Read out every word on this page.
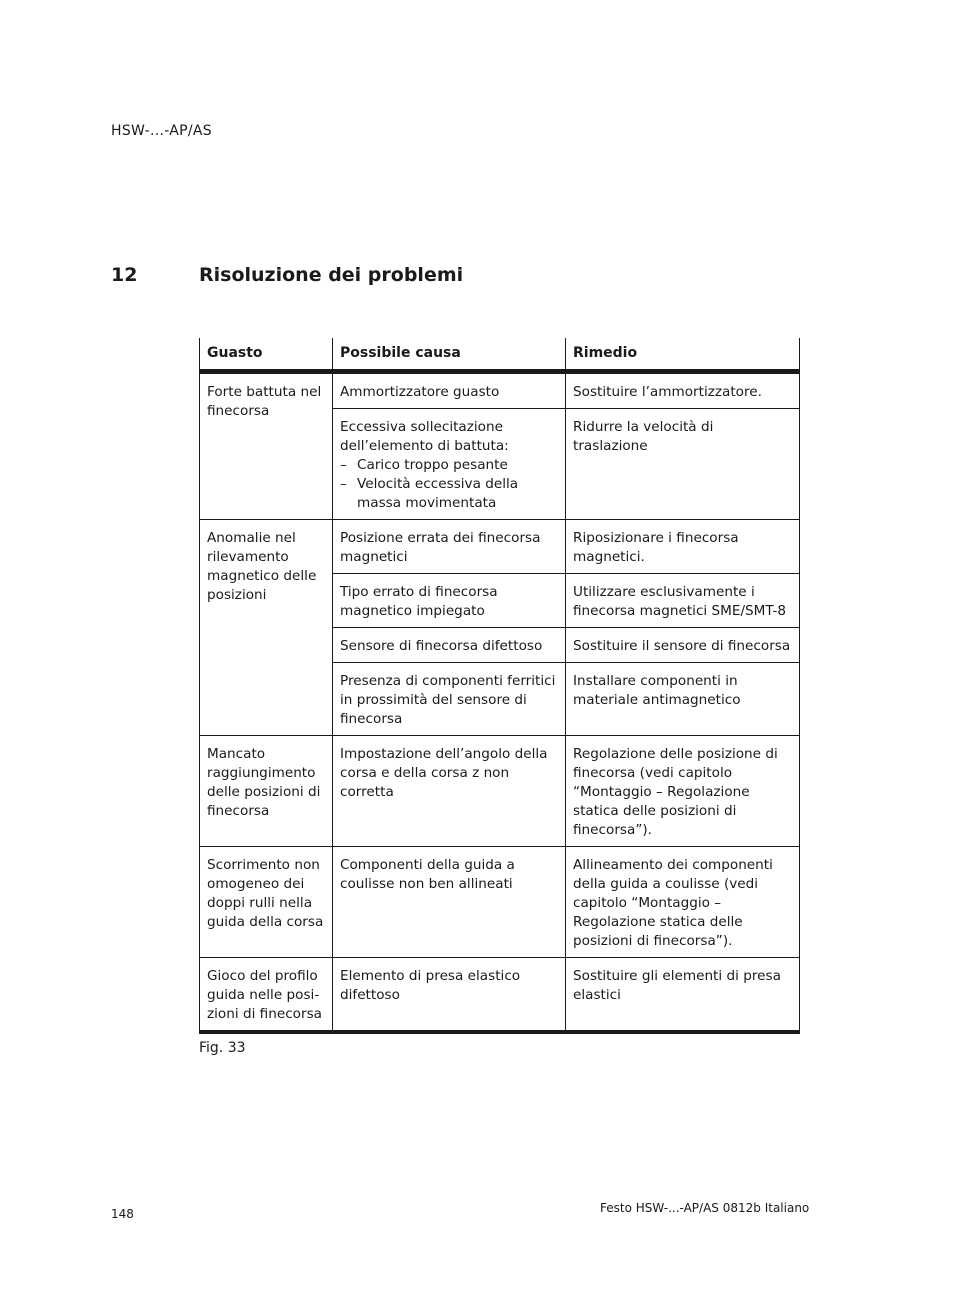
HSW-...-AP/AS
12	Risoluzione dei problemi
Guasto	Possibile causa	Rimedio

Forte battuta nel finecorsa	Ammortizzatore guasto	Sostituire l’ammortizzatore.

	Eccessiva sollecitazione dell’elemento di battuta:
– Carico troppo pesante
– Velocità eccessiva della massa movimentata	Ridurre la velocità di traslazione
Anomalie nel rilevamento magnetico delle posizioni	Posizione errata dei finecorsa magnetici	Riposizionare i finecorsa magnetici.
	Tipo errato di finecorsa magnetico impiegato	Utilizzare esclusivamente i finecorsa magnetici SME/SMT-8
	Sensore di finecorsa difettoso	Sostituire il sensore di finecorsa
	Presenza di componenti ferritici in prossimità del sensore di finecorsa	Installare componenti in materiale antimagnetico
Mancato raggiungimento delle posizioni di finecorsa	Impostazione dell’angolo della corsa e della corsa z non corretta	Regolazione delle posizione di finecorsa (vedi capitolo “Montaggio – Regolazione statica delle posizioni di finecorsa”).
Scorrimento non omogeneo dei doppi rulli nella guida della corsa	Componenti della guida a coulisse non ben allineati	Allineamento dei componenti della guida a coulisse (vedi capitolo “Montaggio – Regolazione statica delle posizioni di finecorsa”).
Gioco del profilo guida nelle posi- zioni di finecorsa	Elemento di presa elastico difettoso	Sostituire gli elementi di presa elastici
Fig. 33
148	Festo HSW-...-AP/AS 0812b Italiano
